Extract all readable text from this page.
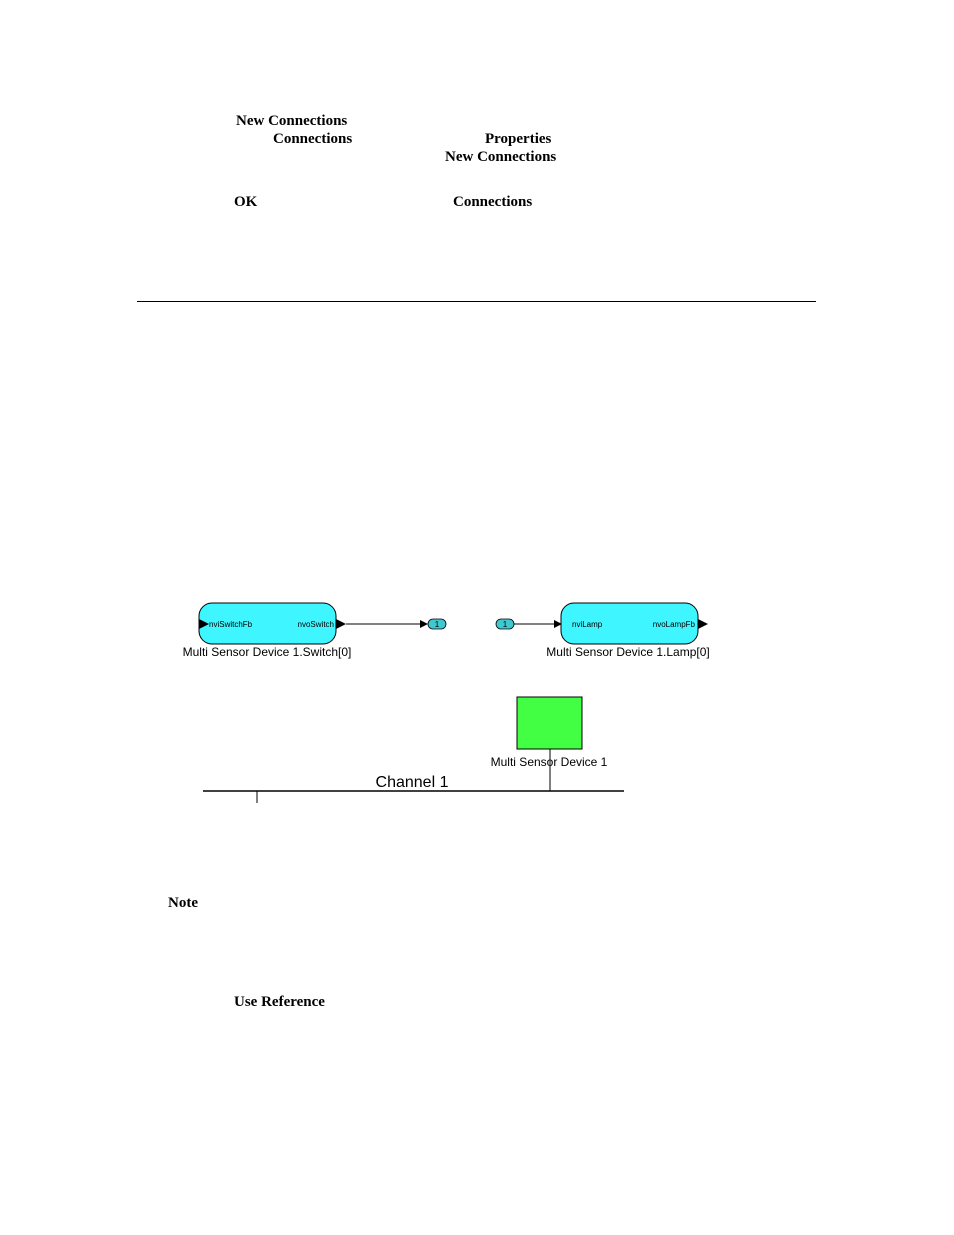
New Connections
Connections	Properties
New Connections
OK	Connections
Note
Use Reference
nviSwitchFb	nvoSwitch
Multi Sensor Device 1.Switch[0]
1	1	nviLamp	nvoLampFb
Multi Sensor Device 1.Lamp[0]
Multi Sensor Device 1
Channel 1
